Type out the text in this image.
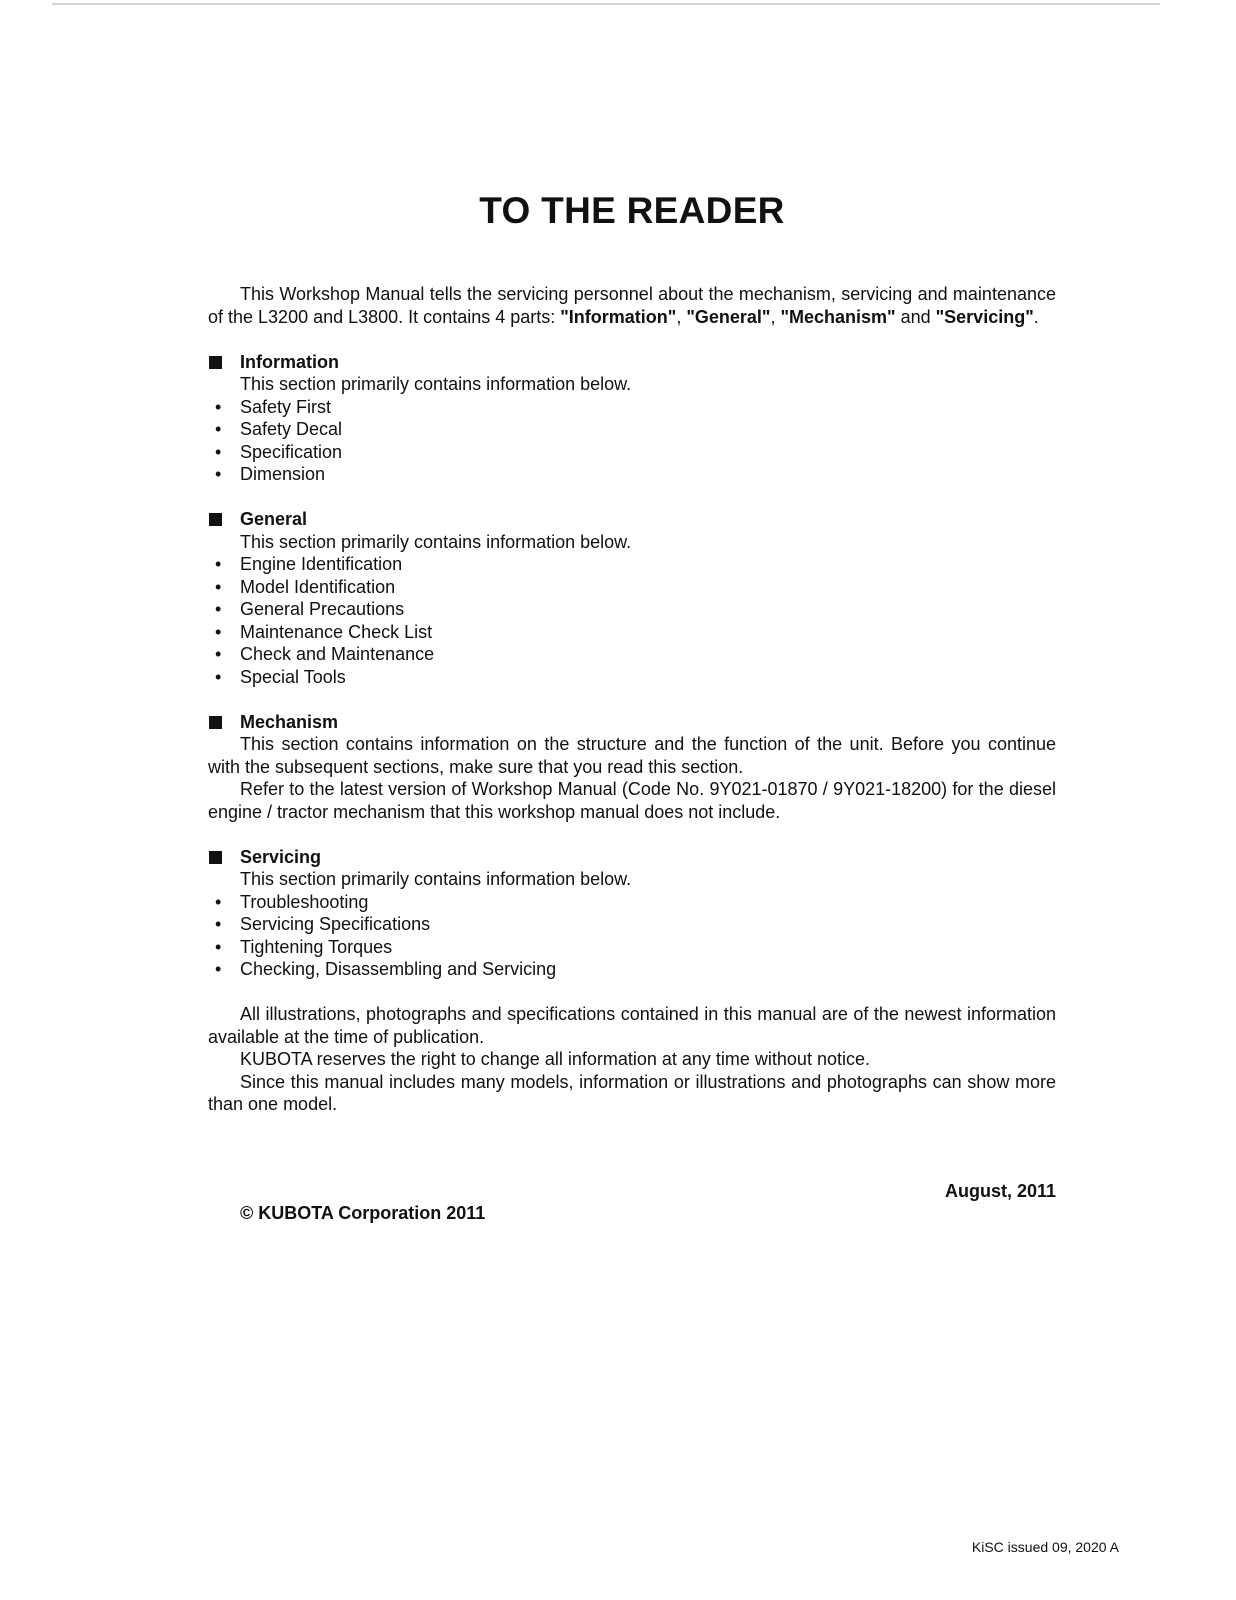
TO THE READER

This Workshop Manual tells the servicing personnel about the mechanism, servicing and maintenance of the L3200 and L3800. It contains 4 parts: "Information", "General", "Mechanism" and "Servicing".

Information

This section primarily contains information below.

• Safety First
• Safety Decal
• Specification
• Dimension

General

This section primarily contains information below.

• Engine Identification
• Model Identification
• General Precautions
• Maintenance Check List
• Check and Maintenance
• Special Tools

Mechanism

This section contains information on the structure and the function of the unit. Before you continue with the subsequent sections, make sure that you read this section.

Refer to the latest version of Workshop Manual (Code No. 9Y021-01870 / 9Y021-18200) for the diesel engine / tractor mechanism that this workshop manual does not include.

Servicing

This section primarily contains information below.

• Troubleshooting
• Servicing Specifications
• Tightening Torques
• Checking, Disassembling and Servicing

All illustrations, photographs and specifications contained in this manual are of the newest information available at the time of publication.

KUBOTA reserves the right to change all information at any time without notice.

Since this manual includes many models, information or illustrations and photographs can show more than one model.

August, 2011
© KUBOTA Corporation 2011
KiSC issued 09, 2020 A
